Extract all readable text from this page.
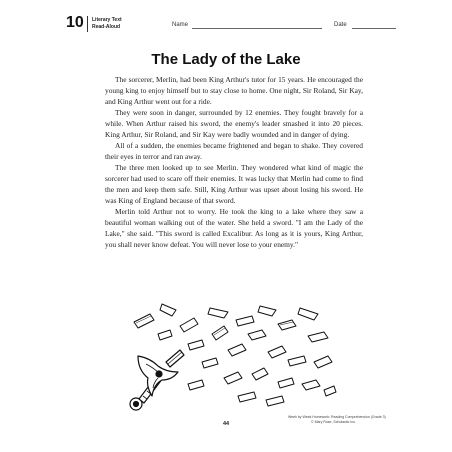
10 Literary Text
Read-Aloud	Name	Date
The Lady of the Lake

The sorcerer, Merlin, had been King Arthur's tutor for 15 years. He encouraged the young king to enjoy himself but to stay close to home. One night, Sir Roland, Sir Kay, and King Arthur went out for a ride.

They were soon in danger, surrounded by 12 enemies. They fought bravely for a while. When Arthur raised his sword, the enemy's leader smashed it into 20 pieces. King Arthur, Sir Roland, and Sir Kay were badly wounded and in danger of dying.

All of a sudden, the enemies became frightened and began to shake. They covered their eyes in terror and ran away.

The three men looked up to see Merlin. They wondered what kind of magic the sorcerer had used to scare off their enemies. It was lucky that Merlin had come to find the men and keep them safe. Still, King Arthur was upset about losing his sword. He was King of England because of that sword.

Merlin told Arthur not to worry. He took the king to a lake where they saw a beautiful woman walking out of the water. She held a sword. "I am the Lady of the Lake," she said. "This sword is called Excalibur. As long as it is yours, King Arthur, you shall never know defeat. You will never lose to your enemy."

44
Week by Week Homework: Reading Comprehension (Grade 3)
© Mary Rose, Scholastic Inc.
